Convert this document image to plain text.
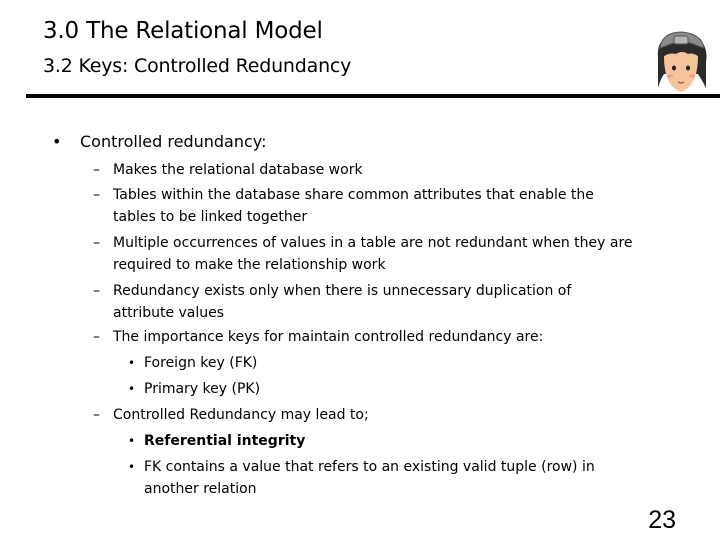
3.0 The Relational Model
3.2 Keys: Controlled Redundancy
• Controlled redundancy:
– Makes the relational database work
– Tables within the database share common attributes that enable the tables to be linked together
– Multiple occurrences of values in a table are not redundant when they are required to make the relationship work
– Redundancy exists only when there is unnecessary duplication of attribute values
– The importance keys for maintain controlled redundancy are:
• Foreign key (FK)
• Primary key (PK)
– Controlled Redundancy may lead to;
• Referential integrity
• FK contains a value that refers to an existing valid tuple (row) in another relation
23
